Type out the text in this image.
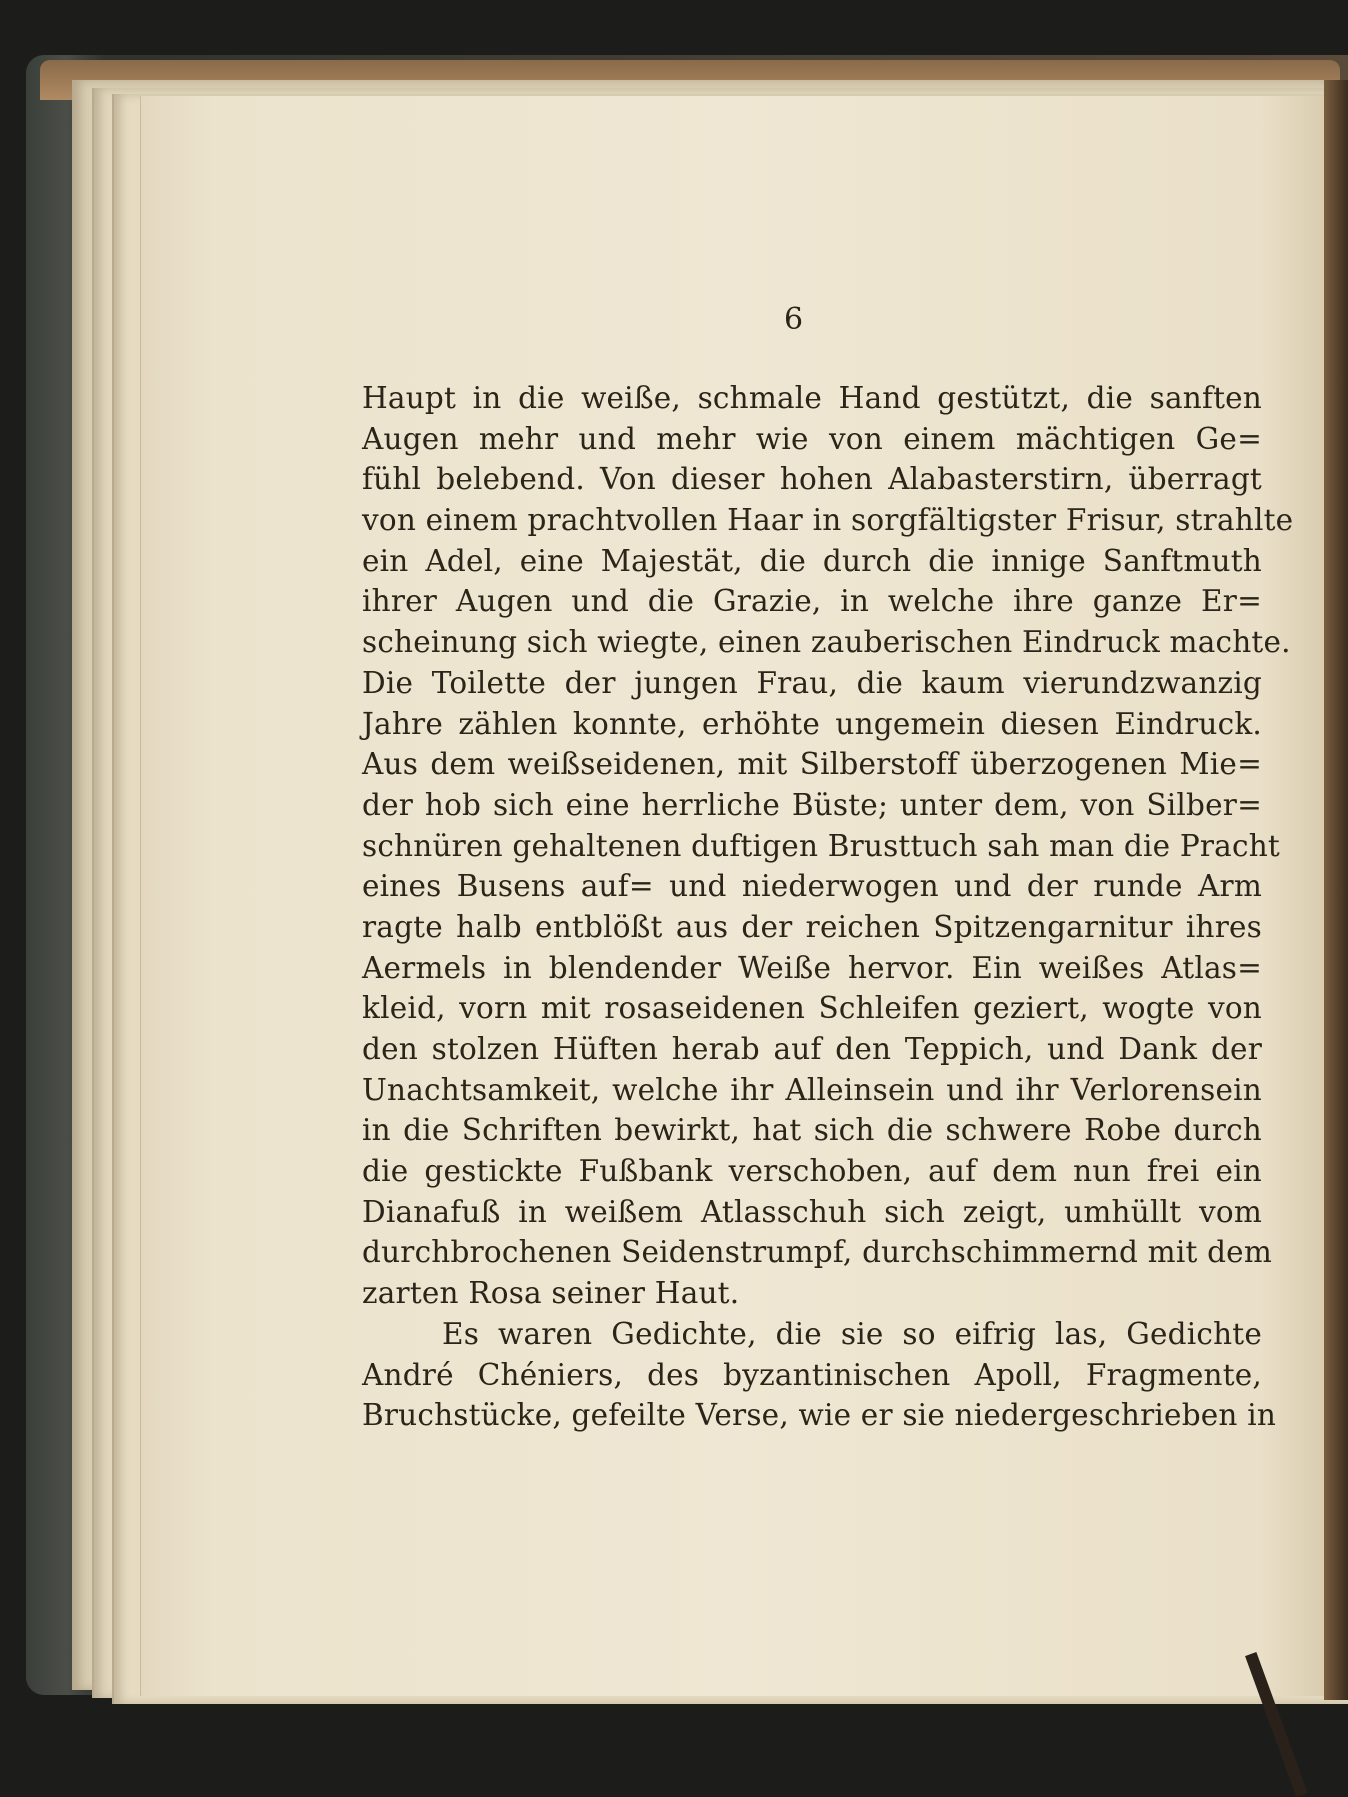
6
Haupt in die weiße, schmale Hand gestützt, die sanften
Augen mehr und mehr wie von einem mächtigen Ge=
fühl belebend. Von dieser hohen Alabasterstirn, überragt
von einem prachtvollen Haar in sorgfältigster Frisur, strahlte
ein Adel, eine Majestät, die durch die innige Sanftmuth
ihrer Augen und die Grazie, in welche ihre ganze Er=
scheinung sich wiegte, einen zauberischen Eindruck machte.
Die Toilette der jungen Frau, die kaum vierundzwanzig
Jahre zählen konnte, erhöhte ungemein diesen Eindruck.
Aus dem weißseidenen, mit Silberstoff überzogenen Mie=
der hob sich eine herrliche Büste; unter dem, von Silber=
schnüren gehaltenen duftigen Brusttuch sah man die Pracht
eines Busens auf= und niederwogen und der runde Arm
ragte halb entblößt aus der reichen Spitzengarnitur ihres
Aermels in blendender Weiße hervor. Ein weißes Atlas=
kleid, vorn mit rosaseidenen Schleifen geziert, wogte von
den stolzen Hüften herab auf den Teppich, und Dank der
Unachtsamkeit, welche ihr Alleinsein und ihr Verlorensein
in die Schriften bewirkt, hat sich die schwere Robe durch
die gestickte Fußbank verschoben, auf dem nun frei ein
Dianafuß in weißem Atlasschuh sich zeigt, umhüllt vom
durchbrochenen Seidenstrumpf, durchschimmernd mit dem
zarten Rosa seiner Haut.
Es waren Gedichte, die sie so eifrig las, Gedichte
André Chéniers, des byzantinischen Apoll, Fragmente,
Bruchstücke, gefeilte Verse, wie er sie niedergeschrieben in
